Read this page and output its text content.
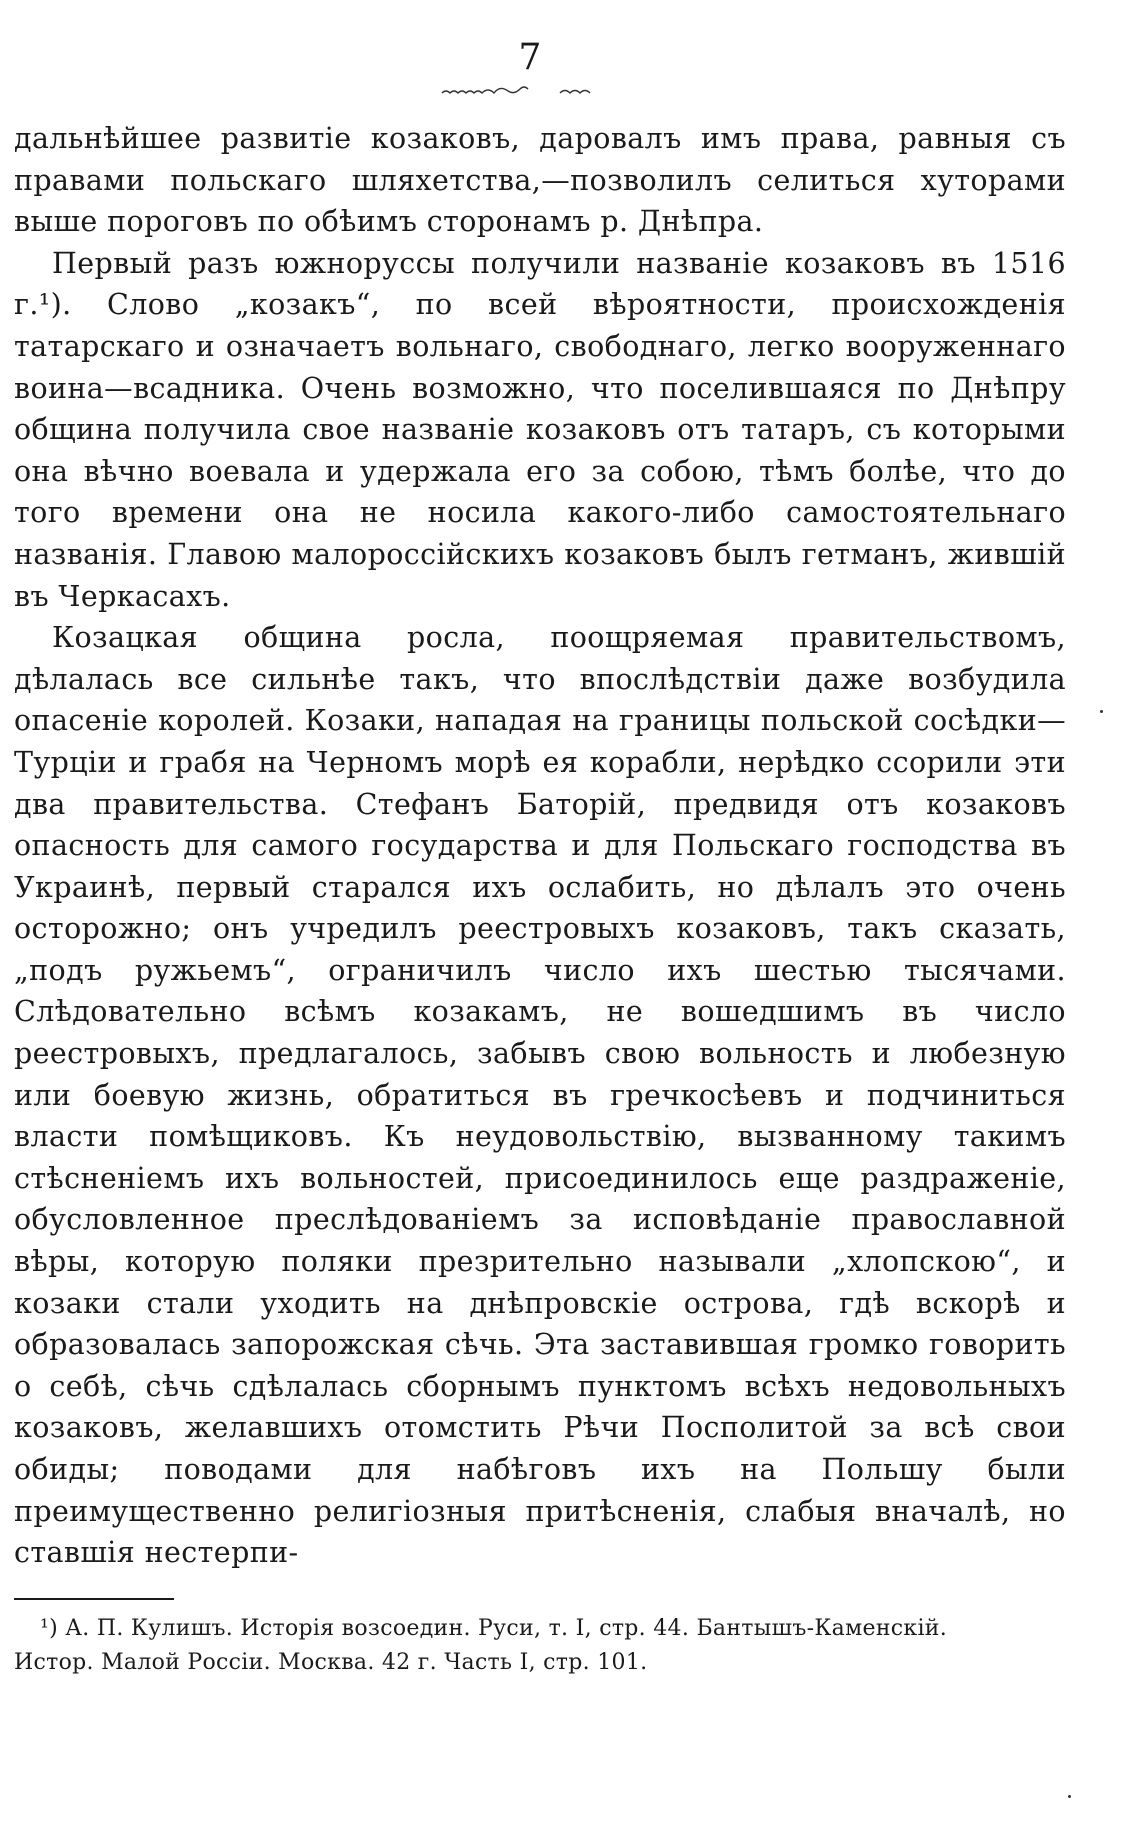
7

дальнѣйшее развитіе козаковъ, даровалъ имъ права, равныя съ правами польскаго шляхетства,—позволилъ селиться хуторами выше пороговъ по обѣимъ сторонамъ р. Днѣпра.

Первый разъ южноруссы получили названіе козаковъ въ 1516 г.¹). Слово „козакъ“, по всей вѣроятности, происхожденія татарскаго и означаетъ вольнаго, свободнаго, легко вооруженнаго воина—всадника. Очень возможно, что поселившаяся по Днѣпру община получила свое названіе козаковъ отъ татаръ, съ которыми она вѣчно воевала и удержала его за собою, тѣмъ болѣе, что до того времени она не носила какого-либо самостоятельнаго названія. Главою малороссійскихъ козаковъ былъ гетманъ, жившій въ Черкасахъ.

Козацкая община росла, поощряемая правительствомъ, дѣлалась все сильнѣе такъ, что впослѣдствіи даже возбудила опасеніе королей. Козаки, нападая на границы польской сосѣдки—Турціи и грабя на Черномъ морѣ ея корабли, нерѣдко ссорили эти два правительства. Стефанъ Баторій, предвидя отъ козаковъ опасность для самого государства и для Польскаго господства въ Украинѣ, первый старался ихъ ослабить, но дѣлалъ это очень осторожно; онъ учредилъ реестровыхъ козаковъ, такъ сказать, „подъ ружьемъ“, ограничилъ число ихъ шестью тысячами. Слѣдовательно всѣмъ козакамъ, не вошедшимъ въ число реестровыхъ, предлагалось, забывъ свою вольность и любезную или боевую жизнь, обратиться въ гречкосѣевъ и подчиниться власти помѣщиковъ. Къ неудовольствію, вызванному такимъ стѣсненіемъ ихъ вольностей, присоединилось еще раздраженіе, обусловленное преслѣдованіемъ за исповѣданіе православной вѣры, которую поляки презрительно называли „хлопскою“, и козаки стали уходить на днѣпровскіе острова, гдѣ вскорѣ и образовалась запорожская сѣчь. Эта заставившая громко говорить о себѣ, сѣчь сдѣлалась сборнымъ пунктомъ всѣхъ недовольныхъ козаковъ, желавшихъ отомстить Рѣчи Посполитой за всѣ свои обиды; поводами для набѣговъ ихъ на Польшу были преимущественно религіозныя притѣсненія, слабыя вначалѣ, но ставшія нестерпи-

¹) А. П. Кулишъ. Исторія возсоедин. Руси, т. I, стр. 44. Бантышъ-Каменскій.

Истор. Малой Россіи. Москва. 42 г. Часть I, стр. 101.
